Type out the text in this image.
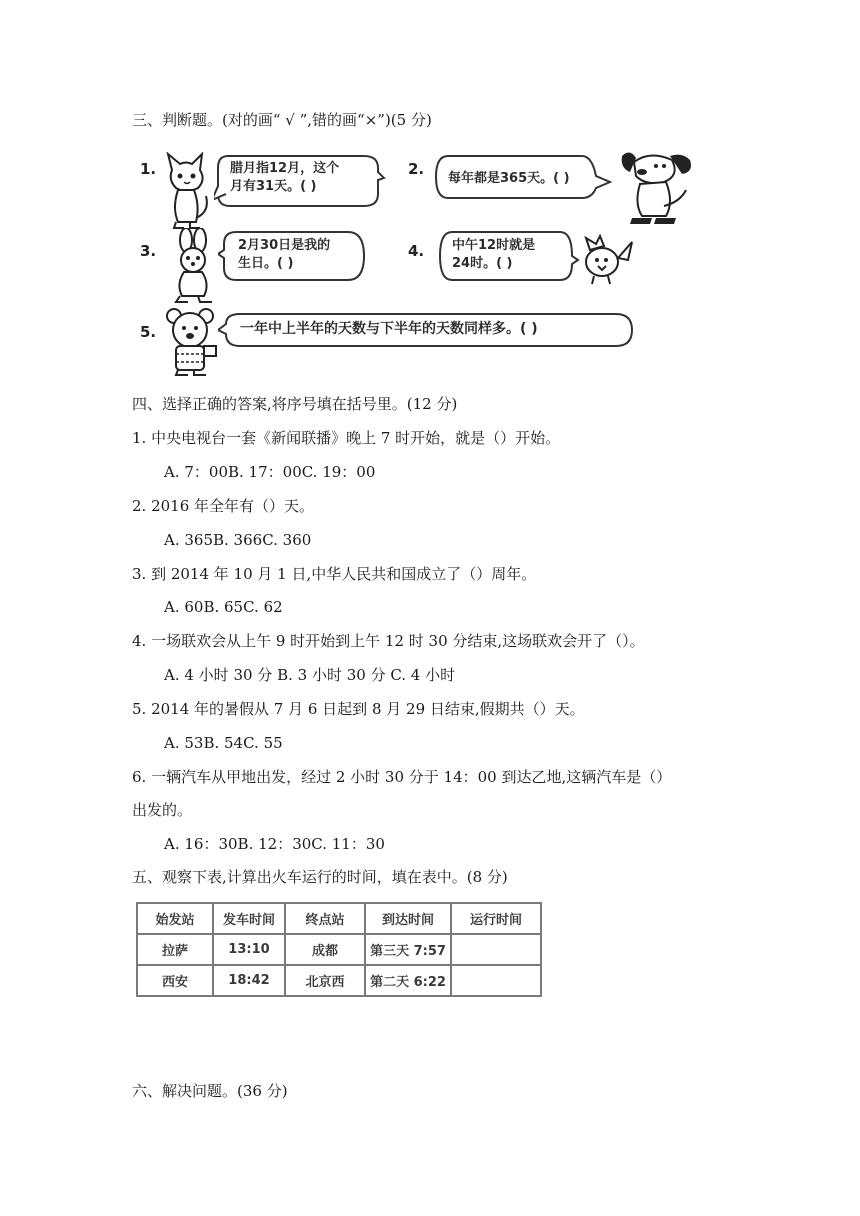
三、判断题。(对的画“ √ ”,错的画“×”)(5 分)
1.	2.
3.	4.
5.
腊月指12月，这个
月有31天。( )
每年都是365天。( )
2月30日是我的
生日。( )
中午12时就是
24时。( )
一年中上半年的天数与下半年的天数同样多。( )
四、选择正确的答案,将序号填在括号里。(12 分)
1. 中央电视台一套《新闻联播》晚上 7 时开始，就是（）开始。
A. 7：00B. 17：00C. 19：00
2. 2016 年全年有（）天。
A. 365B. 366C. 360
3. 到 2014 年 10 月 1 日,中华人民共和国成立了（）周年。
A. 60B. 65C. 62
4. 一场联欢会从上午 9 时开始到上午 12 时 30 分结束,这场联欢会开了（）。
A. 4 小时 30 分 B. 3 小时 30 分 C. 4 小时
5. 2014 年的暑假从 7 月 6 日起到 8 月 29 日结束,假期共（）天。
A. 53B. 54C. 55
6. 一辆汽车从甲地出发，经过 2 小时 30 分于 14：00 到达乙地,这辆汽车是（）
出发的。
A. 16：30B. 12：30C. 11：30
五、观察下表,计算出火车运行的时间，填在表中。(8 分)
始发站	发车时间	终点站	到达时间	运行时间
拉萨	13:10	成都	第三天 7:57	
西安	18:42	北京西	第二天 6:22	
六、解决问题。(36 分)
